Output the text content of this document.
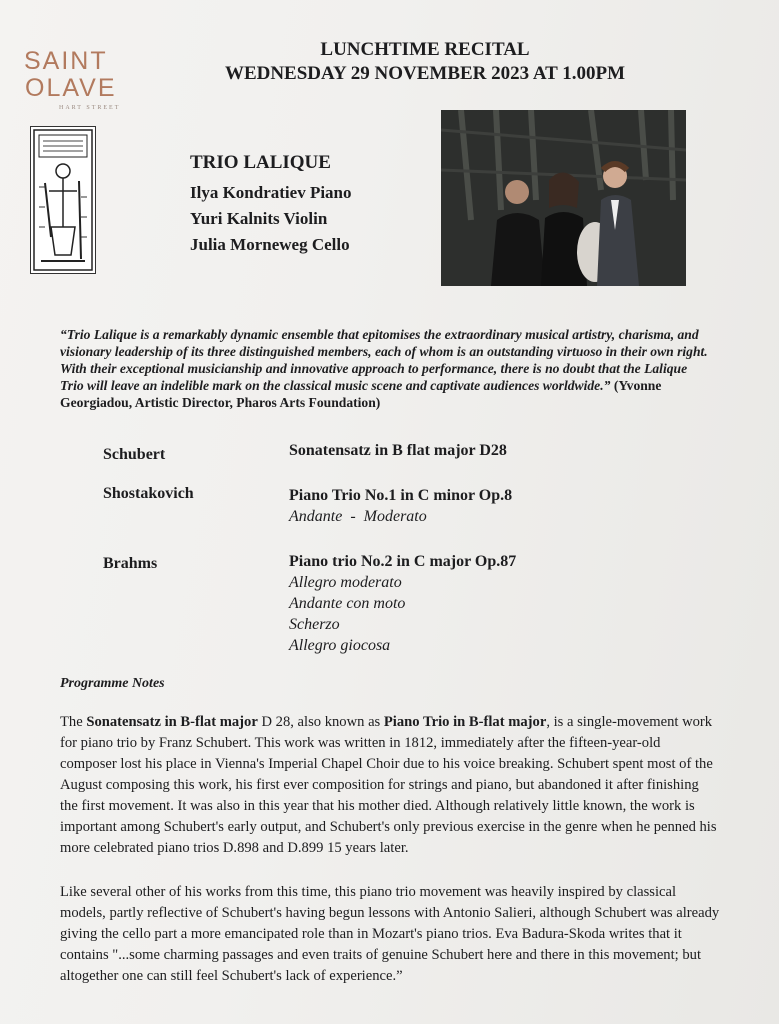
SAINT
OLAVE
HART STREET
LUNCHTIME RECITAL
WEDNESDAY 29 NOVEMBER 2023 AT 1.00PM
TRIO LALIQUE
Ilya Kondratiev Piano
Yuri Kalnits Violin
Julia Morneweg Cello
“Trio Lalique is a remarkably dynamic ensemble that epitomises the extraordinary musical artistry, charisma, and visionary leadership of its three distinguished members, each of whom is an outstanding virtuoso in their own right. With their exceptional musicianship and innovative approach to performance, there is no doubt that the Lalique Trio will leave an indelible mark on the classical music scene and captivate audiences worldwide.” (Yvonne Georgiadou, Artistic Director, Pharos Arts Foundation)
Schubert	Sonatensatz in B flat major D28
Shostakovich	Piano Trio No.1 in C minor Op.8
Andante  -  Moderato
Brahms	Piano trio No.2 in C major Op.87
Allegro moderato
Andante con moto
Scherzo
Allegro giocosa
Programme Notes

The Sonatensatz in B-flat major D 28, also known as Piano Trio in B-flat major, is a single-movement work for piano trio by Franz Schubert. This work was written in 1812, immediately after the fifteen-year-old composer lost his place in Vienna's Imperial Chapel Choir due to his voice breaking. Schubert spent most of the August composing this work, his first ever composition for strings and piano, but abandoned it after finishing the first movement. It was also in this year that his mother died. Although relatively little known, the work is important among Schubert's early output, and Schubert's only previous exercise in the genre when he penned his more celebrated piano trios D.898 and D.899 15 years later.

Like several other of his works from this time, this piano trio movement was heavily inspired by classical models, partly reflective of Schubert's having begun lessons with Antonio Salieri, although Schubert was already giving the cello part a more emancipated role than in Mozart's piano trios. Eva Badura-Skoda writes that it contains "...some charming passages and even traits of genuine Schubert here and there in this movement; but altogether one can still feel Schubert's lack of experience.”
